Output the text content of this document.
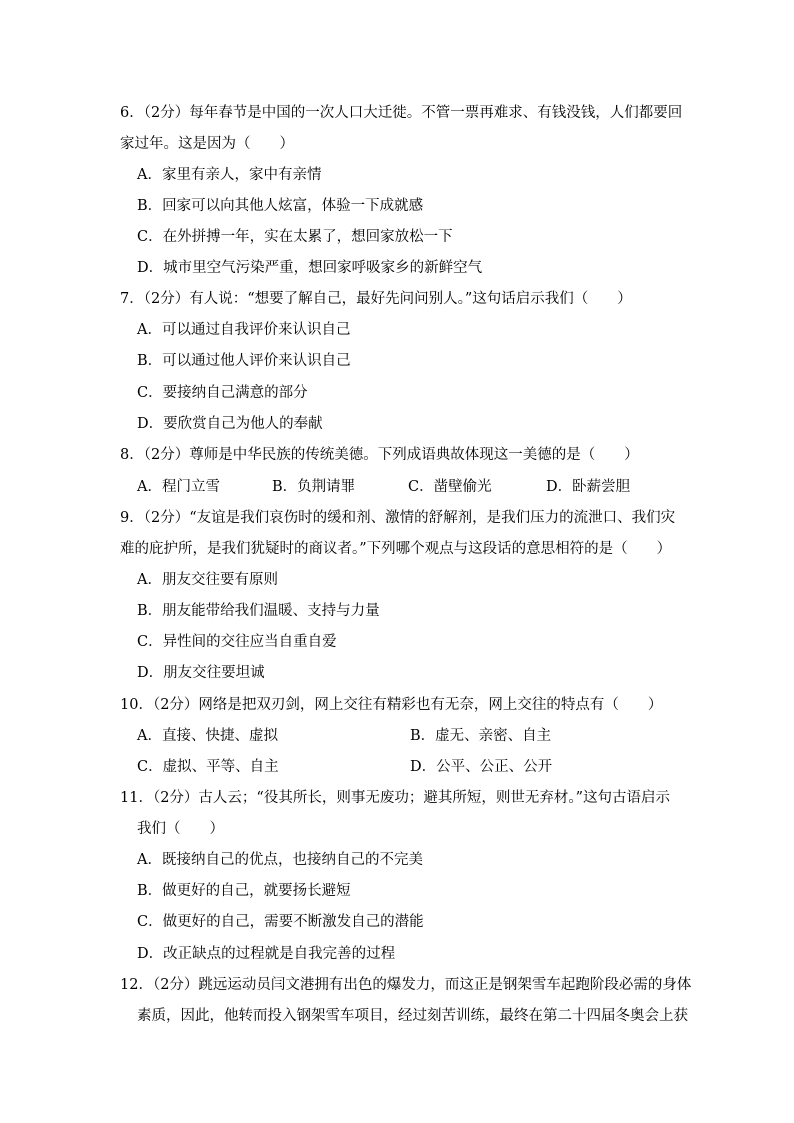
6．（2分）每年春节是中国的一次人口大迁徙。不管一票再难求、有钱没钱，人们都要回
家过年。这是因为（　　）
A．家里有亲人，家中有亲情
B．回家可以向其他人炫富，体验一下成就感
C．在外拼搏一年，实在太累了，想回家放松一下
D．城市里空气污染严重，想回家呼吸家乡的新鲜空气
7．（2分）有人说：“想要了解自己，最好先问问别人。”这句话启示我们（　　）
A．可以通过自我评价来认识自己
B．可以通过他人评价来认识自己
C．要接纳自己满意的部分
D．要欣赏自己为他人的奉献
8．（2分）尊师是中华民族的传统美德。下列成语典故体现这一美德的是（　　）
A．程门立雪	B．负荆请罪	C．凿壁偷光	D．卧薪尝胆
9．（2分）“友谊是我们哀伤时的缓和剂、激情的舒解剂，是我们压力的流泄口、我们灾
难的庇护所，是我们犹疑时的商议者。”下列哪个观点与这段话的意思相符的是（　　）
A．朋友交往要有原则
B．朋友能带给我们温暖、支持与力量
C．异性间的交往应当自重自爱
D．朋友交往要坦诚
10．（2分）网络是把双刃剑，网上交往有精彩也有无奈，网上交往的特点有（　　）
A．直接、快捷、虚拟	B．虚无、亲密、自主
C．虚拟、平等、自主	D．公平、公正、公开
11．（2分）古人云；“役其所长，则事无废功；避其所短，则世无弃材。”这句古语启示
我们（　　）
A．既接纳自己的优点，也接纳自己的不完美
B．做更好的自己，就要扬长避短
C．做更好的自己，需要不断激发自己的潜能
D．改正缺点的过程就是自我完善的过程
12．（2分）跳远运动员闫文港拥有出色的爆发力，而这正是钢架雪车起跑阶段必需的身体
素质，因此，他转而投入钢架雪车项目，经过刻苦训练，最终在第二十四届冬奥会上获
